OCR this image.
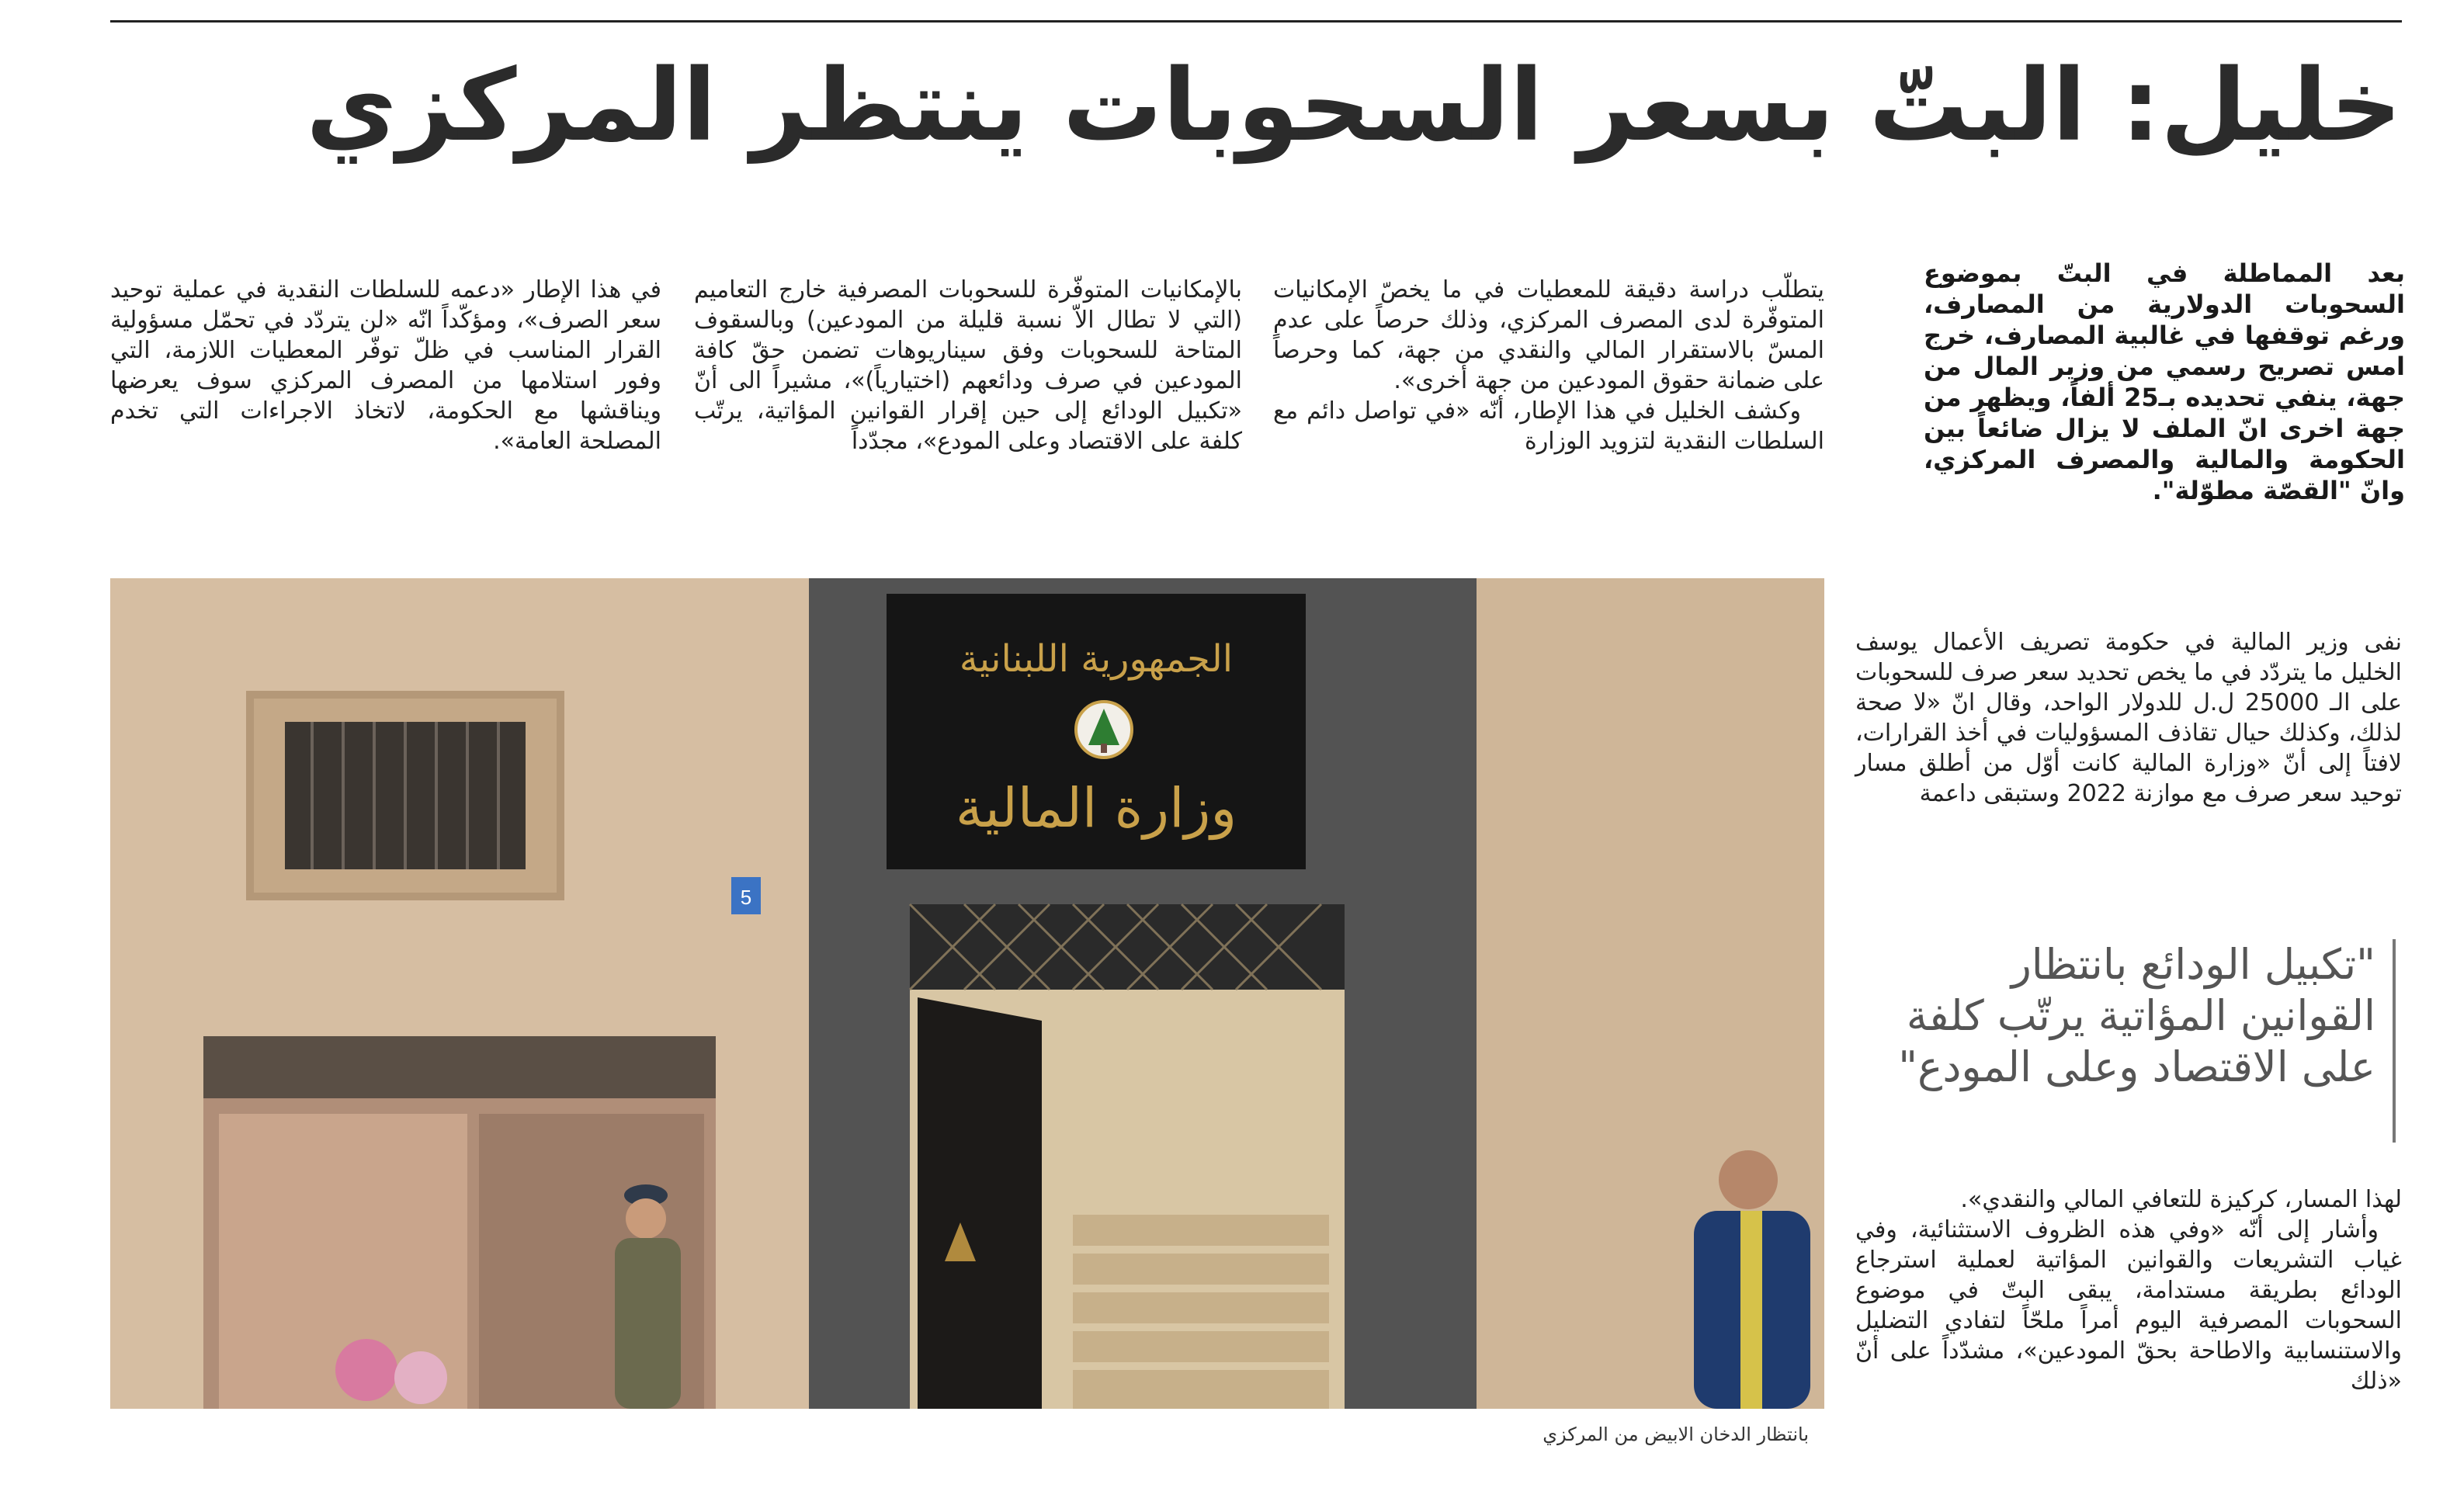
خليل: البتّ بسعر السحوبات ينتظر المركزي

بعد المماطلة في البتّ بموضوع السحوبات الدولارية من المصارف، ورغم توقفها في غالبية المصارف، خرج امس تصريح رسمي من وزير المال من جهة، ينفي تحديده بـ25 ألفاً، ويظهر من جهة اخرى انّ الملف لا يزال ضائعاً بين الحكومة والمالية والمصرف المركزي، وانّ "القصّة مطوّلة".

يتطلّب دراسة دقيقة للمعطيات في ما يخصّ الإمكانيات المتوفّرة لدى المصرف المركزي، وذلك حرصاً على عدم المسّ بالاستقرار المالي والنقدي من جهة، كما وحرصاً على ضمانة حقوق المودعين من جهة أخرى».

وكشف الخليل في هذا الإطار، أنّه «في تواصل دائم مع السلطات النقدية لتزويد الوزارة

بالإمكانيات المتوفّرة للسحوبات المصرفية خارج التعاميم (التي لا تطال الاّ نسبة قليلة من المودعين) وبالسقوف المتاحة للسحوبات وفق سيناريوهات تضمن حقّ كافة المودعين في صرف ودائعهم (اختيارياً)»، مشيراً الى أنّ «تكبيل الودائع إلى حين إقرار القوانين المؤاتية، يرتّب كلفة على الاقتصاد وعلى المودع»، مجدّداً

في هذا الإطار «دعمه للسلطات النقدية في عملية توحيد سعر الصرف»، ومؤكّداً انّه «لن يتردّد في تحمّل مسؤولية القرار المناسب في ظلّ توفّر المعطيات اللازمة، التي وفور استلامها من المصرف المركزي سوف يعرضها ويناقشها مع الحكومة، لاتخاذ الاجراءات التي تخدم المصلحة العامة».

نفى وزير المالية في حكومة تصريف الأعمال يوسف الخليل ما يتردّد في ما يخص تحديد سعر صرف للسحوبات على الـ 25000 ل.ل للدولار الواحد، وقال انّ «لا صحة لذلك، وكذلك حيال تقاذف المسؤوليات في أخذ القرارات، لافتاً إلى أنّ «وزارة المالية كانت أوّل من أطلق مسار توحيد سعر صرف مع موازنة 2022 وستبقى داعمة

"تكبيل الودائع بانتظار القوانين المؤاتية يرتّب كلفة على الاقتصاد وعلى المودع"

لهذا المسار، كركيزة للتعافي المالي والنقدي».

وأشار إلى أنّه «وفي هذه الظروف الاستثنائية، وفي غياب التشريعات والقوانين المؤاتية لعملية استرجاع الودائع بطريقة مستدامة، يبقى البتّ في موضوع السحوبات المصرفية اليوم أمراً ملحّاً لتفادي التضليل والاستنسابية والاطاحة بحقّ المودعين»، مشدّداً على أنّ «ذلك

5
الجمهورية اللبنانية
وزارة المالية
بانتظار الدخان الابيض من المركزي
